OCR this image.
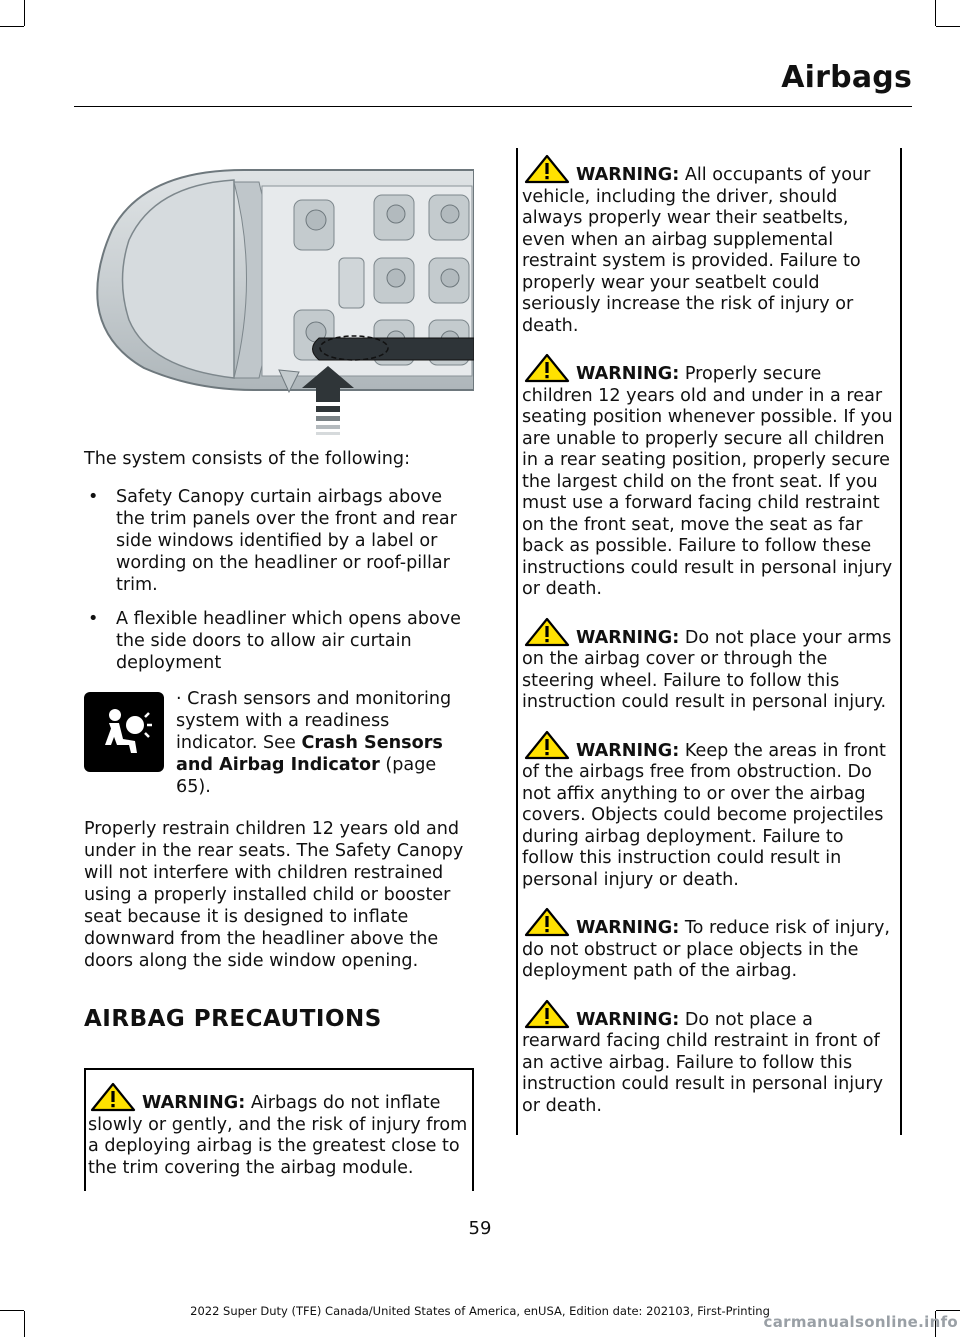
Airbags

The system consists of the following:

• Safety Canopy curtain airbags above the trim panels over the front and rear side windows identified by a label or wording on the headliner or roof-pillar trim.
• A flexible headliner which opens above the side doors to allow air curtain deployment

· Crash sensors and monitoring system with a readiness indicator. See Crash Sensors and Airbag Indicator (page 65).

Properly restrain children 12 years old and under in the rear seats. The Safety Canopy will not interfere with children restrained using a properly installed child or booster seat because it is designed to inflate downward from the headliner above the doors along the side window opening.

AIRBAG PRECAUTIONS

WARNING: Airbags do not inflate slowly or gently, and the risk of injury from a deploying airbag is the greatest close to the trim covering the airbag module.

WARNING: All occupants of your vehicle, including the driver, should always properly wear their seatbelts, even when an airbag supplemental restraint system is provided. Failure to properly wear your seatbelt could seriously increase the risk of injury or death.

WARNING: Properly secure children 12 years old and under in a rear seating position whenever possible. If you are unable to properly secure all children in a rear seating position, properly secure the largest child on the front seat. If you must use a forward facing child restraint on the front seat, move the seat as far back as possible. Failure to follow these instructions could result in personal injury or death.

WARNING: Do not place your arms on the airbag cover or through the steering wheel. Failure to follow this instruction could result in personal injury.

WARNING: Keep the areas in front of the airbags free from obstruction. Do not affix anything to or over the airbag covers. Objects could become projectiles during airbag deployment. Failure to follow this instruction could result in personal injury or death.

WARNING: To reduce risk of injury, do not obstruct or place objects in the deployment path of the airbag.

WARNING: Do not place a rearward facing child restraint in front of an active airbag. Failure to follow this instruction could result in personal injury or death.

59
2022 Super Duty (TFE) Canada/United States of America, enUSA, Edition date: 202103, First-Printing
carmanualsonline.info
